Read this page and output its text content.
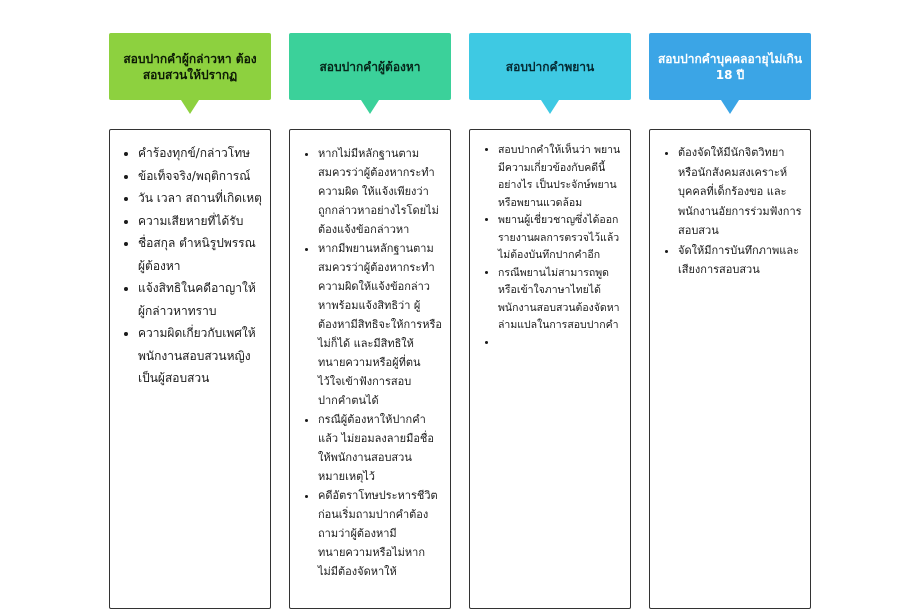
สอบปากคำผู้กล่าวหา ต้องสอบสวนให้ปรากฏ
• คำร้องทุกข์/กล่าวโทษ
• ข้อเท็จจริง/พฤติการณ์
• วัน เวลา สถานที่เกิดเหตุ
• ความเสียหายที่ได้รับ
• ชื่อสกุล ตำหนิรูปพรรณผู้ต้องหา
• แจ้งสิทธิในคดีอาญาให้ผู้กล่าวหาทราบ
• ความผิดเกี่ยวกับเพศให้พนักงานสอบสวนหญิงเป็นผู้สอบสวน
สอบปากคำผู้ต้องหา
• หากไม่มีหลักฐานตามสมควรว่าผู้ต้องหากระทำความผิด ให้แจ้งเพียงว่าถูกกล่าวหาอย่างไรโดยไม่ต้องแจ้งข้อกล่าวหา
• หากมีพยานหลักฐานตามสมควรว่าผู้ต้องหากระทำความผิดให้แจ้งข้อกล่าวหาพร้อมแจ้งสิทธิว่า ผู้ต้องหามีสิทธิจะให้การหรือไม่ก็ได้ และมีสิทธิให้ทนายความหรือผู้ที่ตนไว้ใจเข้าฟังการสอบปากคำตนได้
• กรณีผู้ต้องหาให้ปากคำแล้ว ไม่ยอมลงลายมือชื่อ ให้พนักงานสอบสวนหมายเหตุไว้
• คดีอัตราโทษประหารชีวิต ก่อนเริ่มถามปากคำต้องถามว่าผู้ต้องหามีทนายความหรือไม่หากไม่มีต้องจัดหาให้
สอบปากคำพยาน
• สอบปากคำให้เห็นว่า พยานมีความเกี่ยวข้องกับคดีนี้อย่างไร เป็นประจักษ์พยานหรือพยานแวดล้อม
• พยานผู้เชี่ยวชาญซึ่งได้ออกรายงานผลการตรวจไว้แล้ว ไม่ต้องบันทึกปากคำอีก
• กรณีพยานไม่สามารถพูดหรือเข้าใจภาษาไทยได้ พนักงานสอบสวนต้องจัดหาล่ามแปลในการสอบปากคำ
•
สอบปากคำบุคคลอายุไม่เกิน 18 ปี
• ต้องจัดให้มีนักจิตวิทยาหรือนักสังคมสงเคราะห์ บุคคลที่เด็กร้องขอ และพนักงานอัยการร่วมฟังการสอบสวน
• จัดให้มีการบันทึกภาพและเสียงการสอบสวน
